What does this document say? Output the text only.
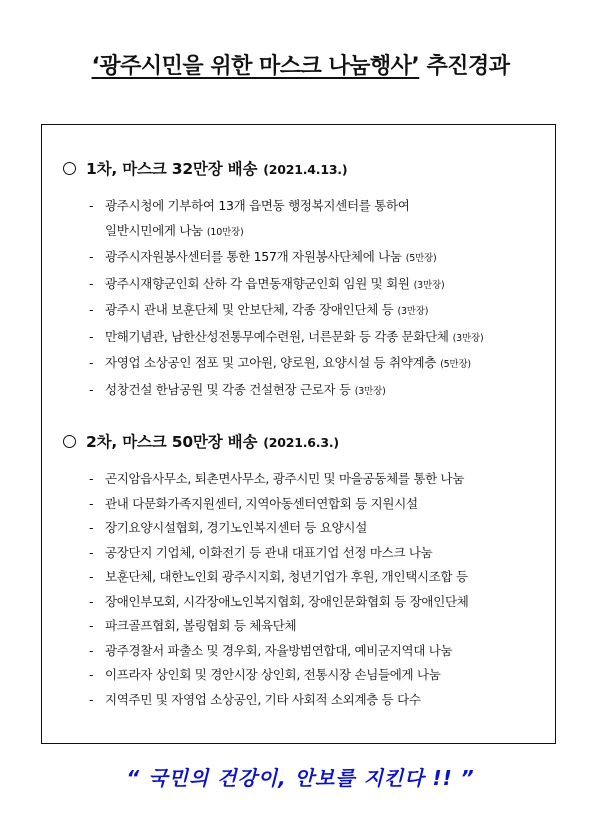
‘광주시민을 위한 마스크 나눔행사’ 추진경과
1차, 마스크 32만장 배송 (2021.4.13.)
- 광주시청에 기부하여 13개 읍면동 행정복지센터를 통하여
일반시민에게 나눔 (10만장)
- 광주시자원봉사센터를 통한 157개 자원봉사단체에 나눔 (5만장)
- 광주시재향군인회 산하 각 읍면동재향군인회 임원 및 회원 (3만장)
- 광주시 관내 보훈단체 및 안보단체, 각종 장애인단체 등 (3만장)
- 만해기념관, 남한산성전통무예수련원, 너른문화 등 각종 문화단체 (3만장)
- 자영업 소상공인 점포 및 고아원, 양로원, 요양시설 등 취약계층 (5만장)
- 성창건설 한남공원 및 각종 건설현장 근로자 등 (3만장)
2차, 마스크 50만장 배송 (2021.6.3.)
- 곤지암읍사무소, 퇴촌면사무소, 광주시민 및 마을공동체를 통한 나눔
- 관내 다문화가족지원센터, 지역아동센터연합회 등 지원시설
- 장기요양시설협회, 경기노인복지센터 등 요양시설
- 공장단지 기업체, 이화전기 등 관내 대표기업 선정 마스크 나눔
- 보훈단체, 대한노인회 광주시지회, 청년기업가 후원, 개인택시조합 등
- 장애인부모회, 시각장애노인복지협회, 장애인문화협회 등 장애인단체
- 파크골프협회, 볼링협회 등 체육단체
- 광주경찰서 파출소 및 경우회, 자율방범연합대, 예비군지역대 나눔
- 이프라자 상인회 및 경안시장 상인회, 전통시장 손님들에게 나눔
- 지역주민 및 자영업 소상공인, 기타 사회적 소외계층 등 다수
“ 국민의 건강이, 안보를 지킨다 !! ”
